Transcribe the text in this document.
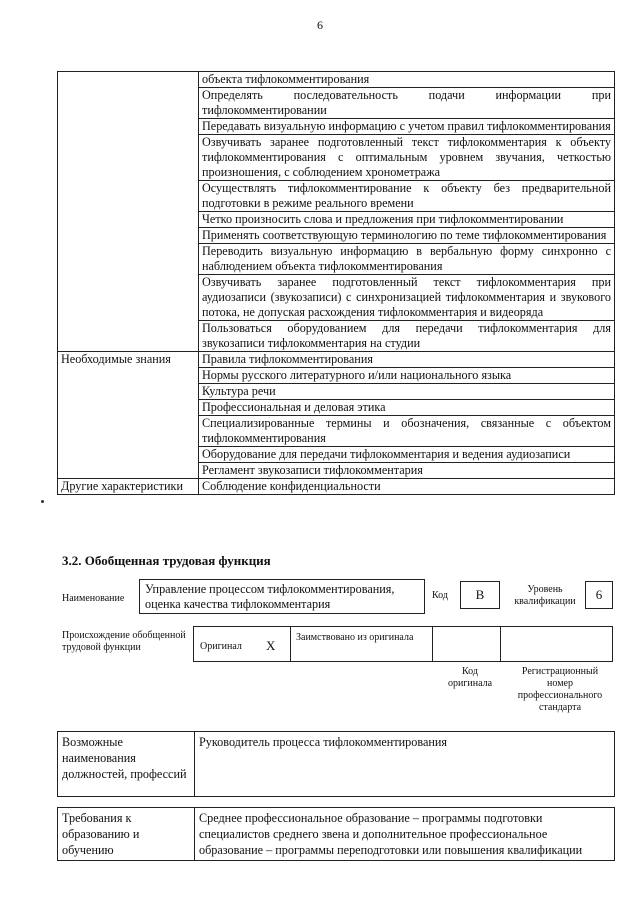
6
	объекта тифлокомментирования
	Определять последовательность подачи информации при тифлокомментировании
	Передавать визуальную информацию с учетом правил тифлокомментирования
	Озвучивать заранее подготовленный текст тифлокомментария к объекту тифлокомментирования с оптимальным уровнем звучания, четкостью произношения, с соблюдением хронометража
	Осуществлять тифлокомментирование к объекту без предварительной подготовки в режиме реального времени
	Четко произносить слова и предложения при тифлокомментировании
	Применять соответствующую терминологию по теме тифлокомментирования
	Переводить визуальную информацию в вербальную форму синхронно с наблюдением объекта тифлокомментирования
	Озвучивать заранее подготовленный текст тифлокомментария при аудиозаписи (звукозаписи) с синхронизацией тифлокомментария и звукового потока, не допуская расхождения тифлокомментария и видеоряда
	Пользоваться оборудованием для передачи тифлокомментария для звукозаписи тифлокомментария на студии
Необходимые знания	Правила тифлокомментирования
	Нормы русского литературного и/или национального языка
	Культура речи
	Профессиональная и деловая этика
	Специализированные термины и обозначения, связанные с объектом тифлокомментирования
	Оборудование для передачи тифлокомментария и ведения аудиозаписи
	Регламент звукозаписи тифлокомментария
Другие характеристики	Соблюдение конфиденциальности
3.2. Обобщенная трудовая функция
Наименование
Управление процессом тифлокомментирования, оценка качества тифлокомментария
Код	B	Уровень квалификации	6
Происхождение обобщенной трудовой функции	Оригинал X
Заимствовано из оригинала
Код оригинала
Регистрационный номер профессионального стандарта
Возможные наименования должностей, профессий	Руководитель процесса тифлокомментирования
Требования к образованию и обучению	Среднее профессиональное образование – программы подготовки специалистов среднего звена и дополнительное профессиональное образование – программы переподготовки или повышения квалификации
